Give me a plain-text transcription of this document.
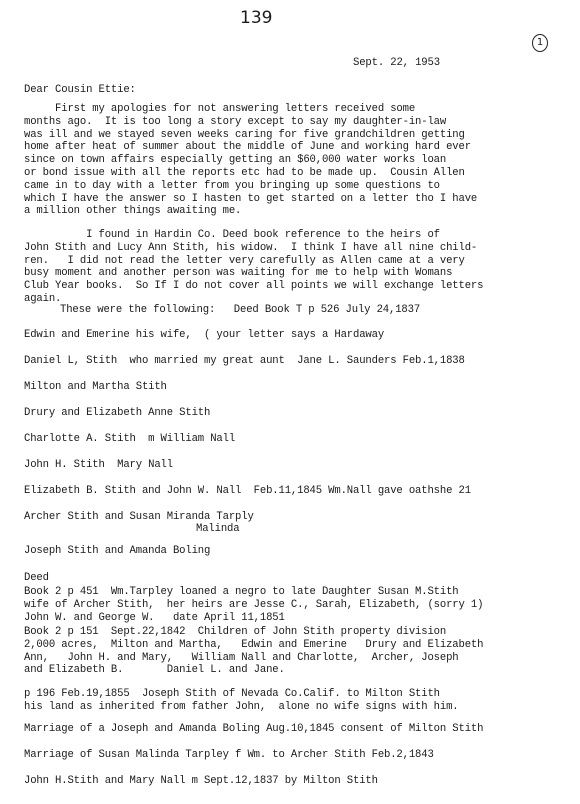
139
1
Sept. 22, 1953
Dear Cousin Ettie:
First my apologies for not answering letters received some
months ago.  It is too long a story except to say my daughter-in-law
was ill and we stayed seven weeks caring for five grandchildren getting
home after heat of summer about the middle of June and working hard ever
since on town affairs especially getting an $60,000 water works loan
or bond issue with all the reports etc had to be made up.  Cousin Allen
came in to day with a letter from you bringing up some questions to
which I have the answer so I hasten to get started on a letter tho I have
a million other things awaiting me.
I found in Hardin Co. Deed book reference to the heirs of
John Stith and Lucy Ann Stith, his widow.  I think I have all nine child-
ren.   I did not read the letter very carefully as Allen came at a very
busy moment and another person was waiting for me to help with Womans
Club Year books.  So If I do not cover all points we will exchange letters
again.
These were the following:   Deed Book T p 526 July 24,1837
Edwin and Emerine his wife,  ( your letter says a Hardaway
Daniel L, Stith  who married my great aunt  Jane L. Saunders Feb.1,1838
Milton and Martha Stith
Drury and Elizabeth Anne Stith
Charlotte A. Stith  m William Nall
John H. Stith  Mary Nall
Elizabeth B. Stith and John W. Nall  Feb.11,1845 Wm.Nall gave oathshe 21
Archer Stith and Susan Miranda Tarply
Malinda
Joseph Stith and Amanda Boling
Deed
Book 2 p 451  Wm.Tarpley loaned a negro to late Daughter Susan M.Stith
wife of Archer Stith,  her heirs are Jesse C., Sarah, Elizabeth, (sorry 1)
John W. and George W.   date April 11,1851
Book 2 p 151  Sept.22,1842  Children of John Stith property division
2,000 acres,  Milton and Martha,   Edwin and Emerine   Drury and Elizabeth
Ann,   John H. and Mary,   William Nall and Charlotte,  Archer, Joseph
and Elizabeth B.       Daniel L. and Jane.
p 196 Feb.19,1855  Joseph Stith of Nevada Co.Calif. to Milton Stith
his land as inherited from father John,  alone no wife signs with him.
Marriage of a Joseph and Amanda Boling Aug.10,1845 consent of Milton Stith
Marriage of Susan Malinda Tarpley f Wm. to Archer Stith Feb.2,1843
John H.Stith and Mary Nall m Sept.12,1837 by Milton Stith
